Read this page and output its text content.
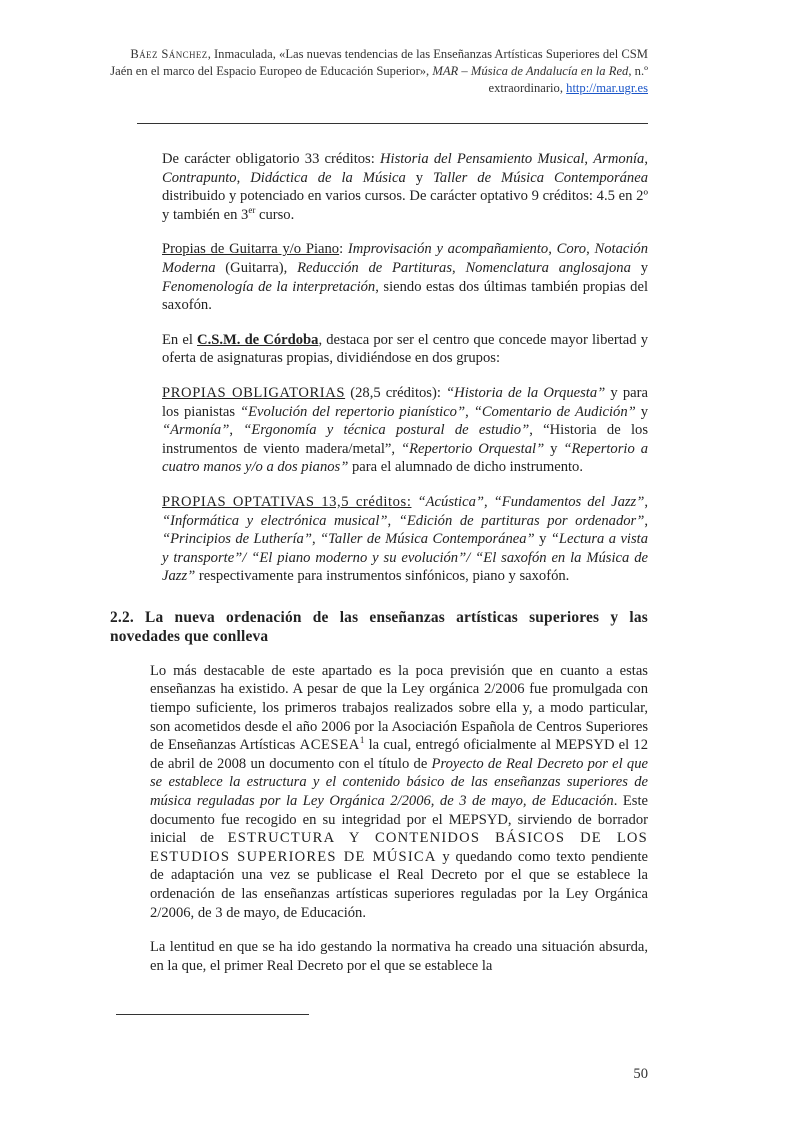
Báez Sánchez, Inmaculada, «Las nuevas tendencias de las Enseñanzas Artísticas Superiores del CSM Jaén en el marco del Espacio Europeo de Educación Superior», MAR – Música de Andalucía en la Red, n.º extraordinario, http://mar.ugr.es

De carácter obligatorio 33 créditos: Historia del Pensamiento Musical, Armonía, Contrapunto, Didáctica de la Música y Taller de Música Contemporánea distribuido y potenciado en varios cursos. De carácter optativo 9 créditos: 4.5 en 2º y también en 3er curso.

Propias de Guitarra y/o Piano: Improvisación y acompañamiento, Coro, Notación Moderna (Guitarra), Reducción de Partituras, Nomenclatura anglosajona y Fenomenología de la interpretación, siendo estas dos últimas también propias del saxofón.

En el C.S.M. de Córdoba, destaca por ser el centro que concede mayor libertad y oferta de asignaturas propias, dividiéndose en dos grupos:

PROPIAS OBLIGATORIAS (28,5 créditos): “Historia de la Orquesta” y para los pianistas “Evolución del repertorio pianístico”, “Comentario de Audición” y “Armonía”, “Ergonomía y técnica postural de estudio”, “Historia de los instrumentos de viento madera/metal”, “Repertorio Orquestal” y “Repertorio a cuatro manos y/o a dos pianos” para el alumnado de dicho instrumento.

PROPIAS OPTATIVAS 13,5 créditos: “Acústica”, “Fundamentos del Jazz”, “Informática y electrónica musical”, “Edición de partituras por ordenador”, “Principios de Luthería”, “Taller de Música Contemporánea” y “Lectura a vista y transporte”/ “El piano moderno y su evolución”/ “El saxofón en la Música de Jazz” respectivamente para instrumentos sinfónicos, piano y saxofón.

2.2. La nueva ordenación de las enseñanzas artísticas superiores y las novedades que conlleva

Lo más destacable de este apartado es la poca previsión que en cuanto a estas enseñanzas ha existido. A pesar de que la Ley orgánica 2/2006 fue promulgada con tiempo suficiente, los primeros trabajos realizados sobre ella y, a modo particular, son acometidos desde el año 2006 por la Asociación Española de Centros Superiores de Enseñanzas Artísticas ACESEA$^1$ la cual, entregó oficialmente al MEPSYD el 12 de abril de 2008 un documento con el título de Proyecto de Real Decreto por el que se establece la estructura y el contenido básico de las enseñanzas superiores de música reguladas por la Ley Orgánica 2/2006, de 3 de mayo, de Educación. Este documento fue recogido en su integridad por el MEPSYD, sirviendo de borrador inicial de ESTRUCTURA Y CONTENIDOS BÁSICOS DE LOS ESTUDIOS SUPERIORES DE MÚSICA y quedando como texto pendiente de adaptación una vez se publicase el Real Decreto por el que se establece la ordenación de las enseñanzas artísticas superiores reguladas por la Ley Orgánica 2/2006, de 3 de mayo, de Educación.

La lentitud en que se ha ido gestando la normativa ha creado una situación absurda, en la que, el primer Real Decreto por el que se establece la

50
